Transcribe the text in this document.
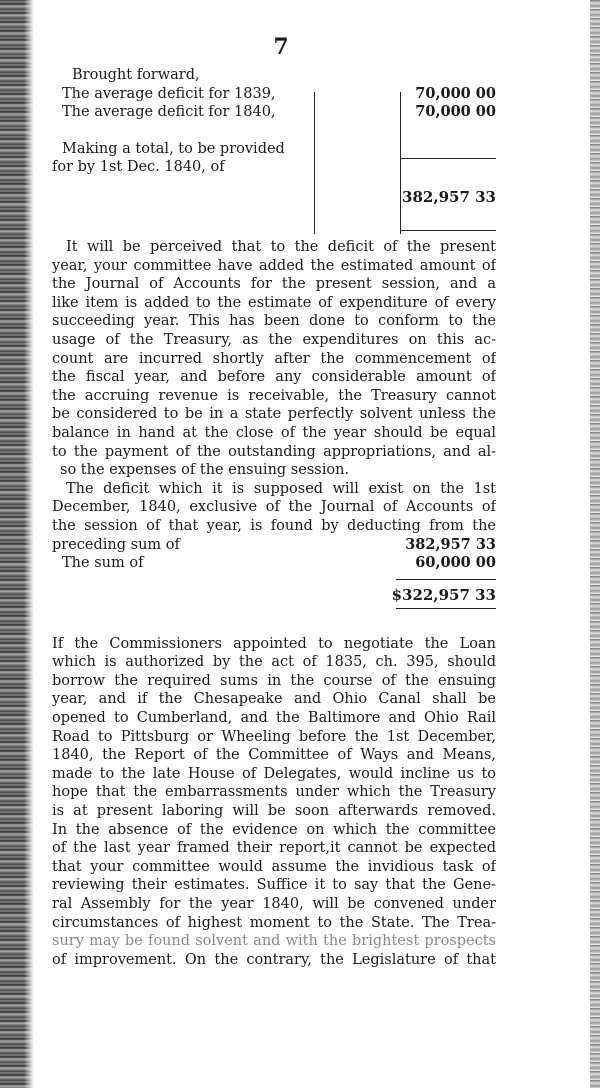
7
Brought forward,
The average deficit for 1839,
The average deficit for 1840,
Making a total, to be provided
for by 1st Dec. 1840, of
70,000 00
70,000 00
382,957 33
It will be perceived that to the deficit of the present
year, your committee have added the estimated amount of
the Journal of Accounts for the present session, and a
like item is added to the estimate of expenditure of every
succeeding year. This has been done to conform to the
usage of the Treasury, as the expenditures on this ac-
count are incurred shortly after the commencement of
the fiscal year, and before any considerable amount of
the accruing revenue is receivable, the Treasury cannot
be considered to be in a state perfectly solvent unless the
balance in hand at the close of the year should be equal
to the payment of the outstanding appropriations, and al-
so the expenses of the ensuing session.
The deficit which it is supposed will exist on the 1st
December, 1840, exclusive of the Journal of Accounts of
the session of that year, is found by deducting from the
preceding sum of	382,957 33
The sum of	60,000 00
$322,957 33
If the Commissioners appointed to negotiate the Loan
which is authorized by the act of 1835, ch. 395, should
borrow the required sums in the course of the ensuing
year, and if the Chesapeake and Ohio Canal shall be
opened to Cumberland, and the Baltimore and Ohio Rail
Road to Pittsburg or Wheeling before the 1st December,
1840, the Report of the Committee of Ways and Means,
made to the late House of Delegates, would incline us to
hope that the embarrassments under which the Treasury
is at present laboring will be soon afterwards removed.
In the absence of the evidence on which the committee
of the last year framed their report,it cannot be expected
that your committee would assume the invidious task of
reviewing their estimates. Suffice it to say that the Gene-
ral Assembly for the year 1840, will be convened under
circumstances of highest moment to the State. The Trea-
sury may be found solvent and with the brightest prospects
of improvement. On the contrary, the Legislature of that
